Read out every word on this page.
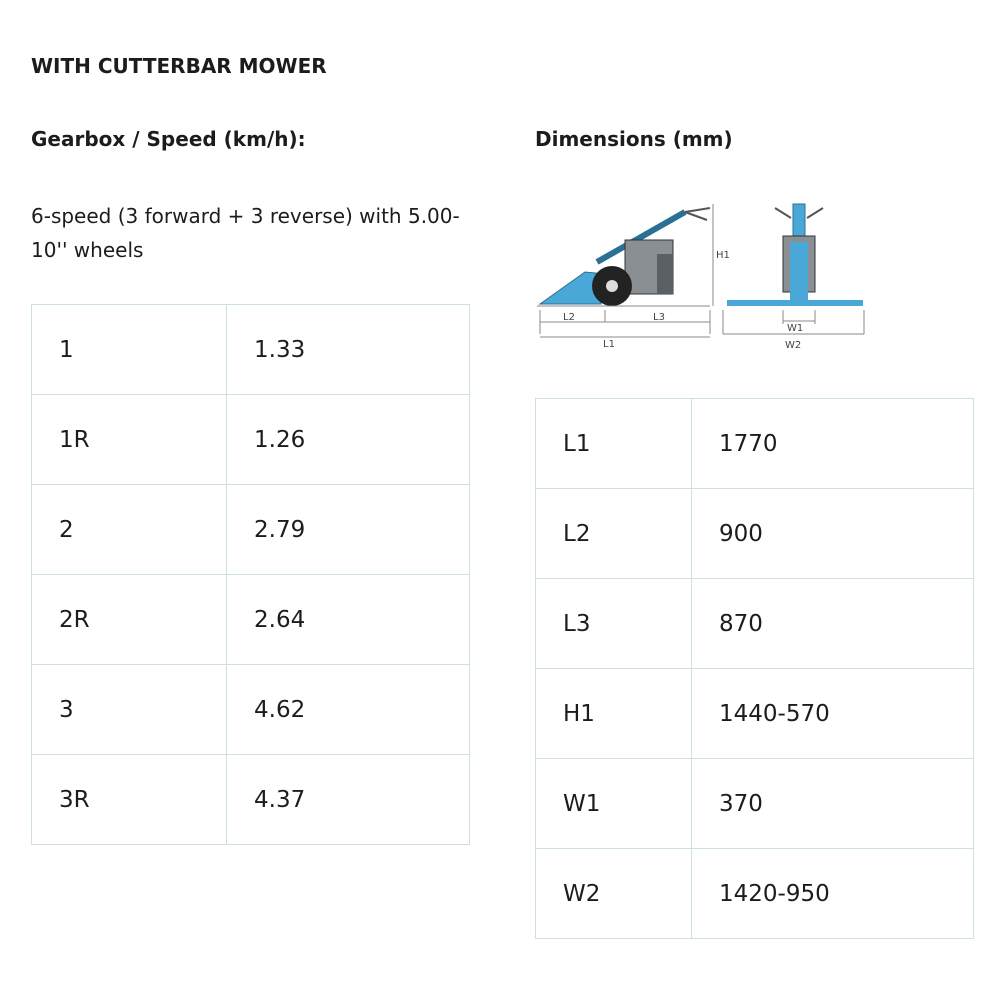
WITH CUTTERBAR MOWER
Gearbox / Speed (km/h):	Dimensions (mm)

6-speed (3 forward + 3 reverse) with 5.00-10'' wheels

1	1.33
1R	1.26
2	2.79
2R	2.64
3	4.62
3R	4.37
H1
L2	L3
L1
W1
W2
L1	1770
L2	900
L3	870
H1	1440-570
W1	370
W2	1420-950
